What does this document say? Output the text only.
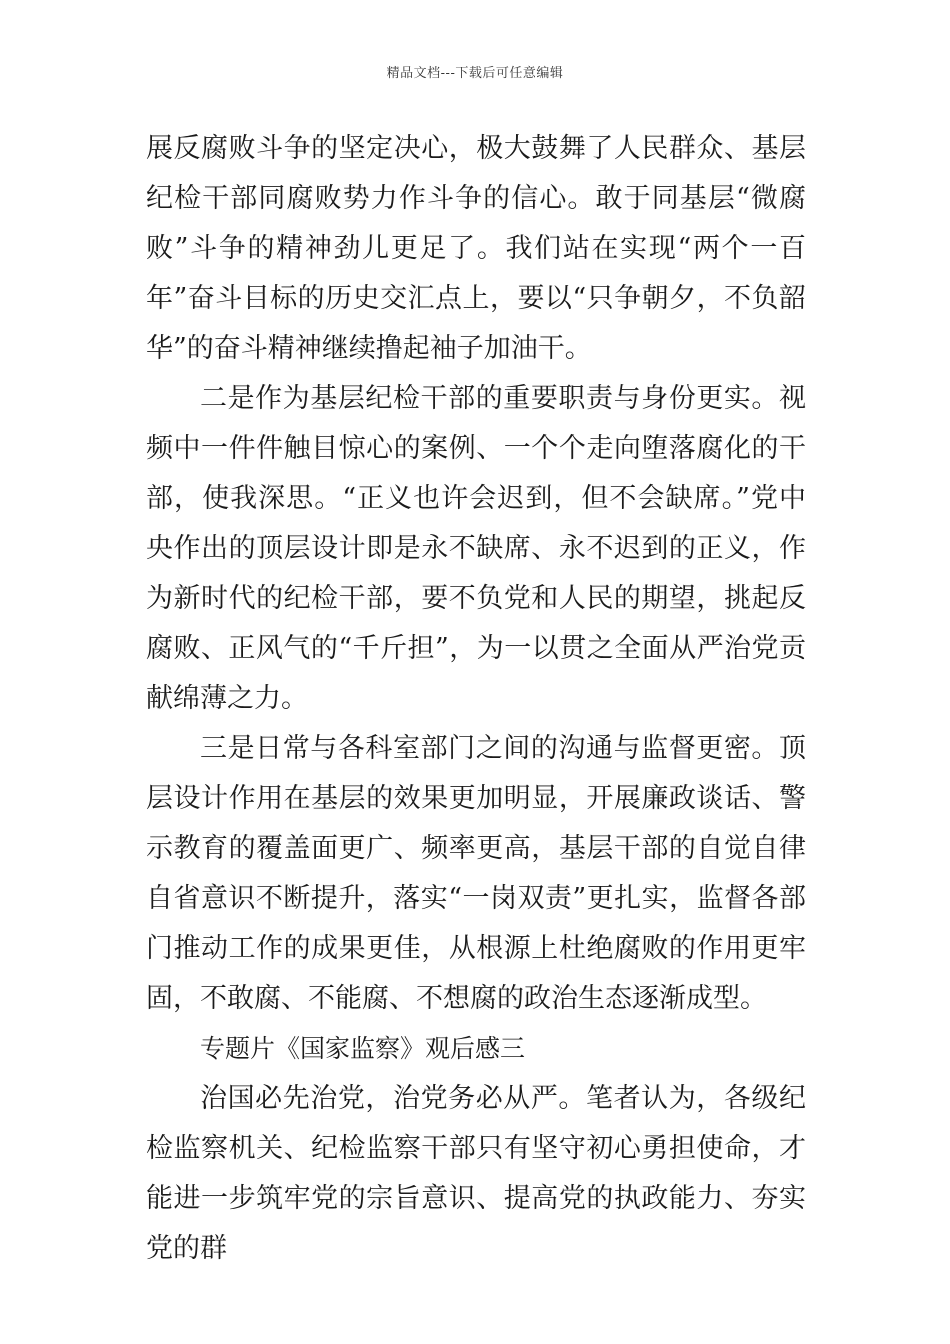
精品文档---下载后可任意编辑

展反腐败斗争的坚定决心，极大鼓舞了人民群众、基层纪检干部同腐败势力作斗争的信心。敢于同基层“微腐败”斗争的精神劲儿更足了。我们站在实现“两个一百年”奋斗目标的历史交汇点上，要以“只争朝夕，不负韶华”的奋斗精神继续撸起袖子加油干。

二是作为基层纪检干部的重要职责与身份更实。视频中一件件触目惊心的案例、一个个走向堕落腐化的干部，使我深思。“正义也许会迟到，但不会缺席。”党中央作出的顶层设计即是永不缺席、永不迟到的正义，作为新时代的纪检干部，要不负党和人民的期望，挑起反腐败、正风气的“千斤担”，为一以贯之全面从严治党贡献绵薄之力。

三是日常与各科室部门之间的沟通与监督更密。顶层设计作用在基层的效果更加明显，开展廉政谈话、警示教育的覆盖面更广、频率更高，基层干部的自觉自律自省意识不断提升，落实“一岗双责”更扎实，监督各部门推动工作的成果更佳，从根源上杜绝腐败的作用更牢固，不敢腐、不能腐、不想腐的政治生态逐渐成型。

专题片《国家监察》观后感三

治国必先治党，治党务必从严。笔者认为，各级纪检监察机关、纪检监察干部只有坚守初心勇担使命，才能进一步筑牢党的宗旨意识、提高党的执政能力、夯实党的群
